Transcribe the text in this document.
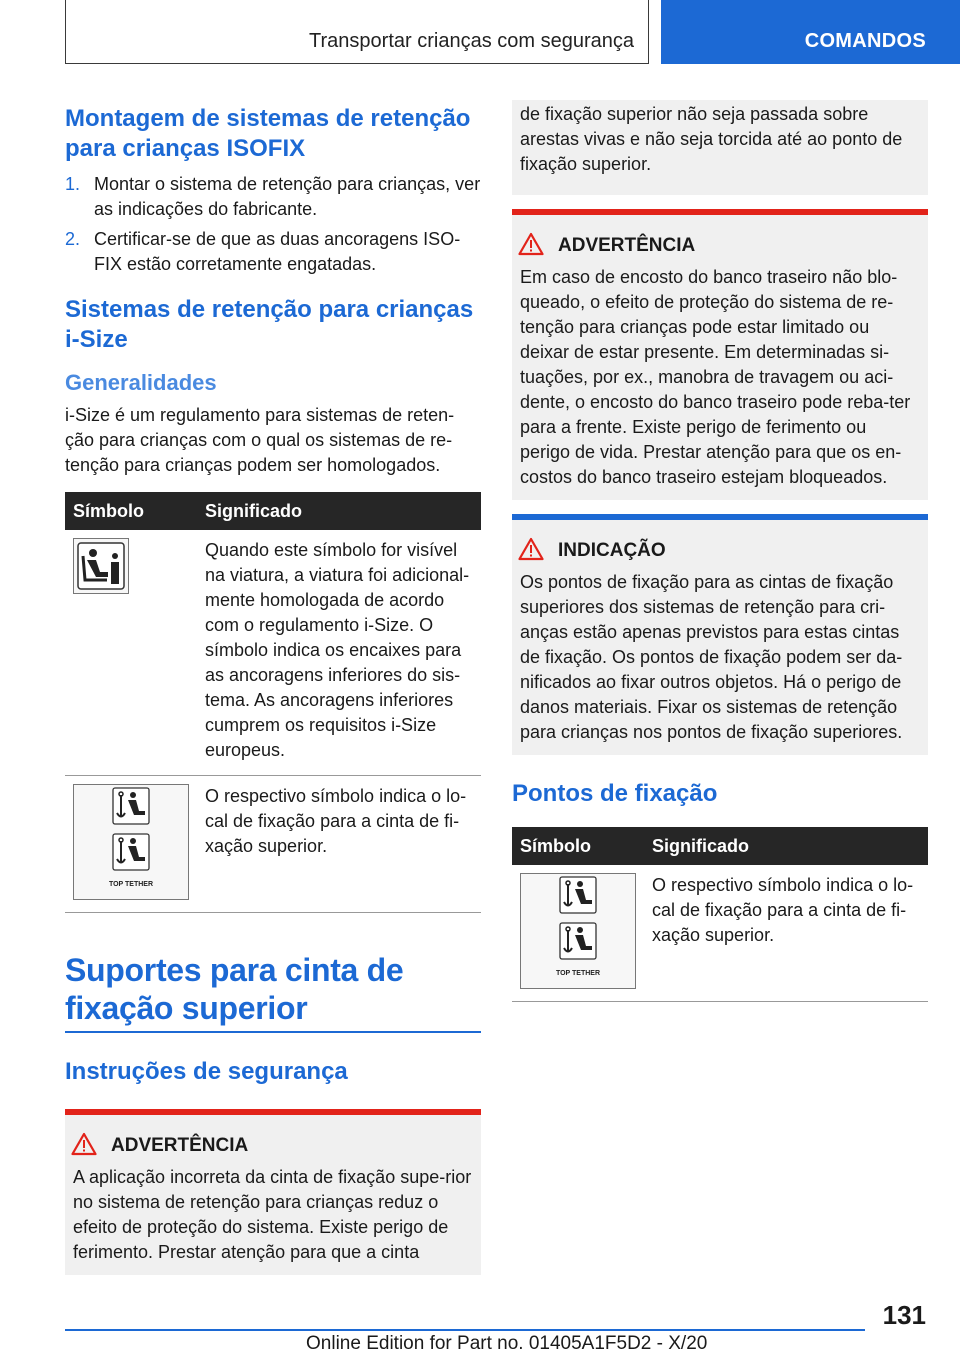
Transportar crianças com segurança	COMANDOS
Montagem de sistemas de retenção para crianças ISOFIX
1. Montar o sistema de retenção para crianças, ver as indicações do fabricante.
2. Certificar-se de que as duas ancoragens ISO-FIX estão corretamente engatadas.
Sistemas de retenção para crianças i-Size
Generalidades
i-Size é um regulamento para sistemas de reten-ção para crianças com o qual os sistemas de re-tenção para crianças podem ser homologados.
Símbolo	Significado

	Quando este símbolo for visível na viatura, a viatura foi adicional-mente homologada de acordo com o regulamento i-Size. O símbolo indica os encaixes para as ancoragens inferiores do sis-tema. As ancoragens inferiores cumprem os requisitos i-Size europeus.

TOP TETHER	O respectivo símbolo indica o lo-cal de fixação para a cinta de fi-xação superior.
Suportes para cinta de fixação superior
Instruções de segurança
ADVERTÊNCIA
A aplicação incorreta da cinta de fixação supe-rior no sistema de retenção para crianças reduz o efeito de proteção do sistema. Existe perigo de ferimento. Prestar atenção para que a cinta
de fixação superior não seja passada sobre arestas vivas e não seja torcida até ao ponto de fixação superior.
ADVERTÊNCIA
Em caso de encosto do banco traseiro não blo-queado, o efeito de proteção do sistema de re-tenção para crianças pode estar limitado ou deixar de estar presente. Em determinadas si-tuações, por ex., manobra de travagem ou aci-dente, o encosto do banco traseiro pode reba-ter para a frente. Existe perigo de ferimento ou perigo de vida. Prestar atenção para que os en-costos do banco traseiro estejam bloqueados.
INDICAÇÃO
Os pontos de fixação para as cintas de fixação superiores dos sistemas de retenção para cri-anças estão apenas previstos para estas cintas de fixação. Os pontos de fixação podem ser da-nificados ao fixar outros objetos. Há o perigo de danos materiais. Fixar os sistemas de retenção para crianças nos pontos de fixação superiores.
Pontos de fixação
Símbolo	Significado

TOP TETHER	O respectivo símbolo indica o lo-cal de fixação para a cinta de fi-xação superior.
131
Online Edition for Part no. 01405A1F5D2 - X/20
